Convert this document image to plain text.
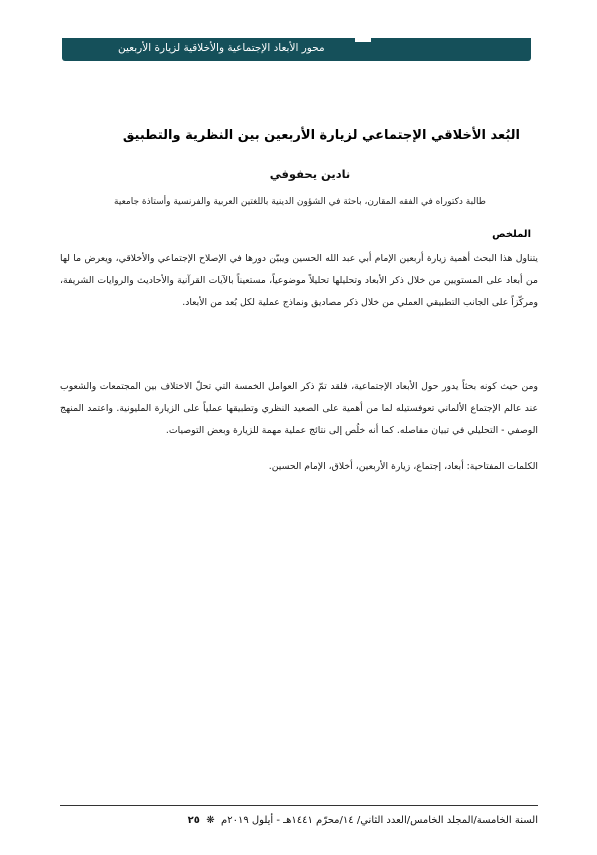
محور الأبعاد الإجتماعية والأخلاقية لزيارة الأربعين
البُعد الأخلاقي الإجتماعي لزيارة الأربعين بين النظرية والتطبيق
نادين يحفوفي
طالبة دكتوراه في الفقه المقارن، باحثة في الشؤون الدينية باللغتين العربية والفرنسية وأستاذة جامعية
الملخص
يتناول هذا البحث أهمية زيارة أربعين الإمام أبي عبد الله الحسين ويبيّن دورها في الإصلاح الإجتماعي والأخلاقي، ويعرض ما لها من أبعاد على المستويين من خلال ذكر الأبعاد وتحليلها تحليلاً موضوعياً، مستعيناً بالآيات القرآنية والأحاديث والروايات الشريفة، ومركّزاً على الجانب التطبيقي العملي من خلال ذكر مصاديق ونماذج عملية لكل بُعد من الأبعاد.
ومن حيث كونه بحثاً يدور حول الأبعاد الإجتماعية، فلقد تمّ ذكر العوامل الخمسة التي تحلّ الاختلاف بين المجتمعات والشعوب عند عالم الإجتماع الألماني تعوفستيله لما من أهمية على الصعيد النظري وتطبيقها عملياً على الزيارة المليونية. واعتمد المنهج الوصفي - التحليلي في تبيان مفاصله. كما أنه خلُص إلى نتائج عملية مهمة للزيارة وبعض التوصيات.
الكلمات المفتاحية: أبعاد، إجتماع، زيارة الأربعين، أخلاق، الإمام الحسين.
السنة الخامسة/المجلد الخامس/العدد الثاني/ ١٤/محرّم ١٤٤١هـ - أيلول ٢٠١٩م  ❋  ٢٥
